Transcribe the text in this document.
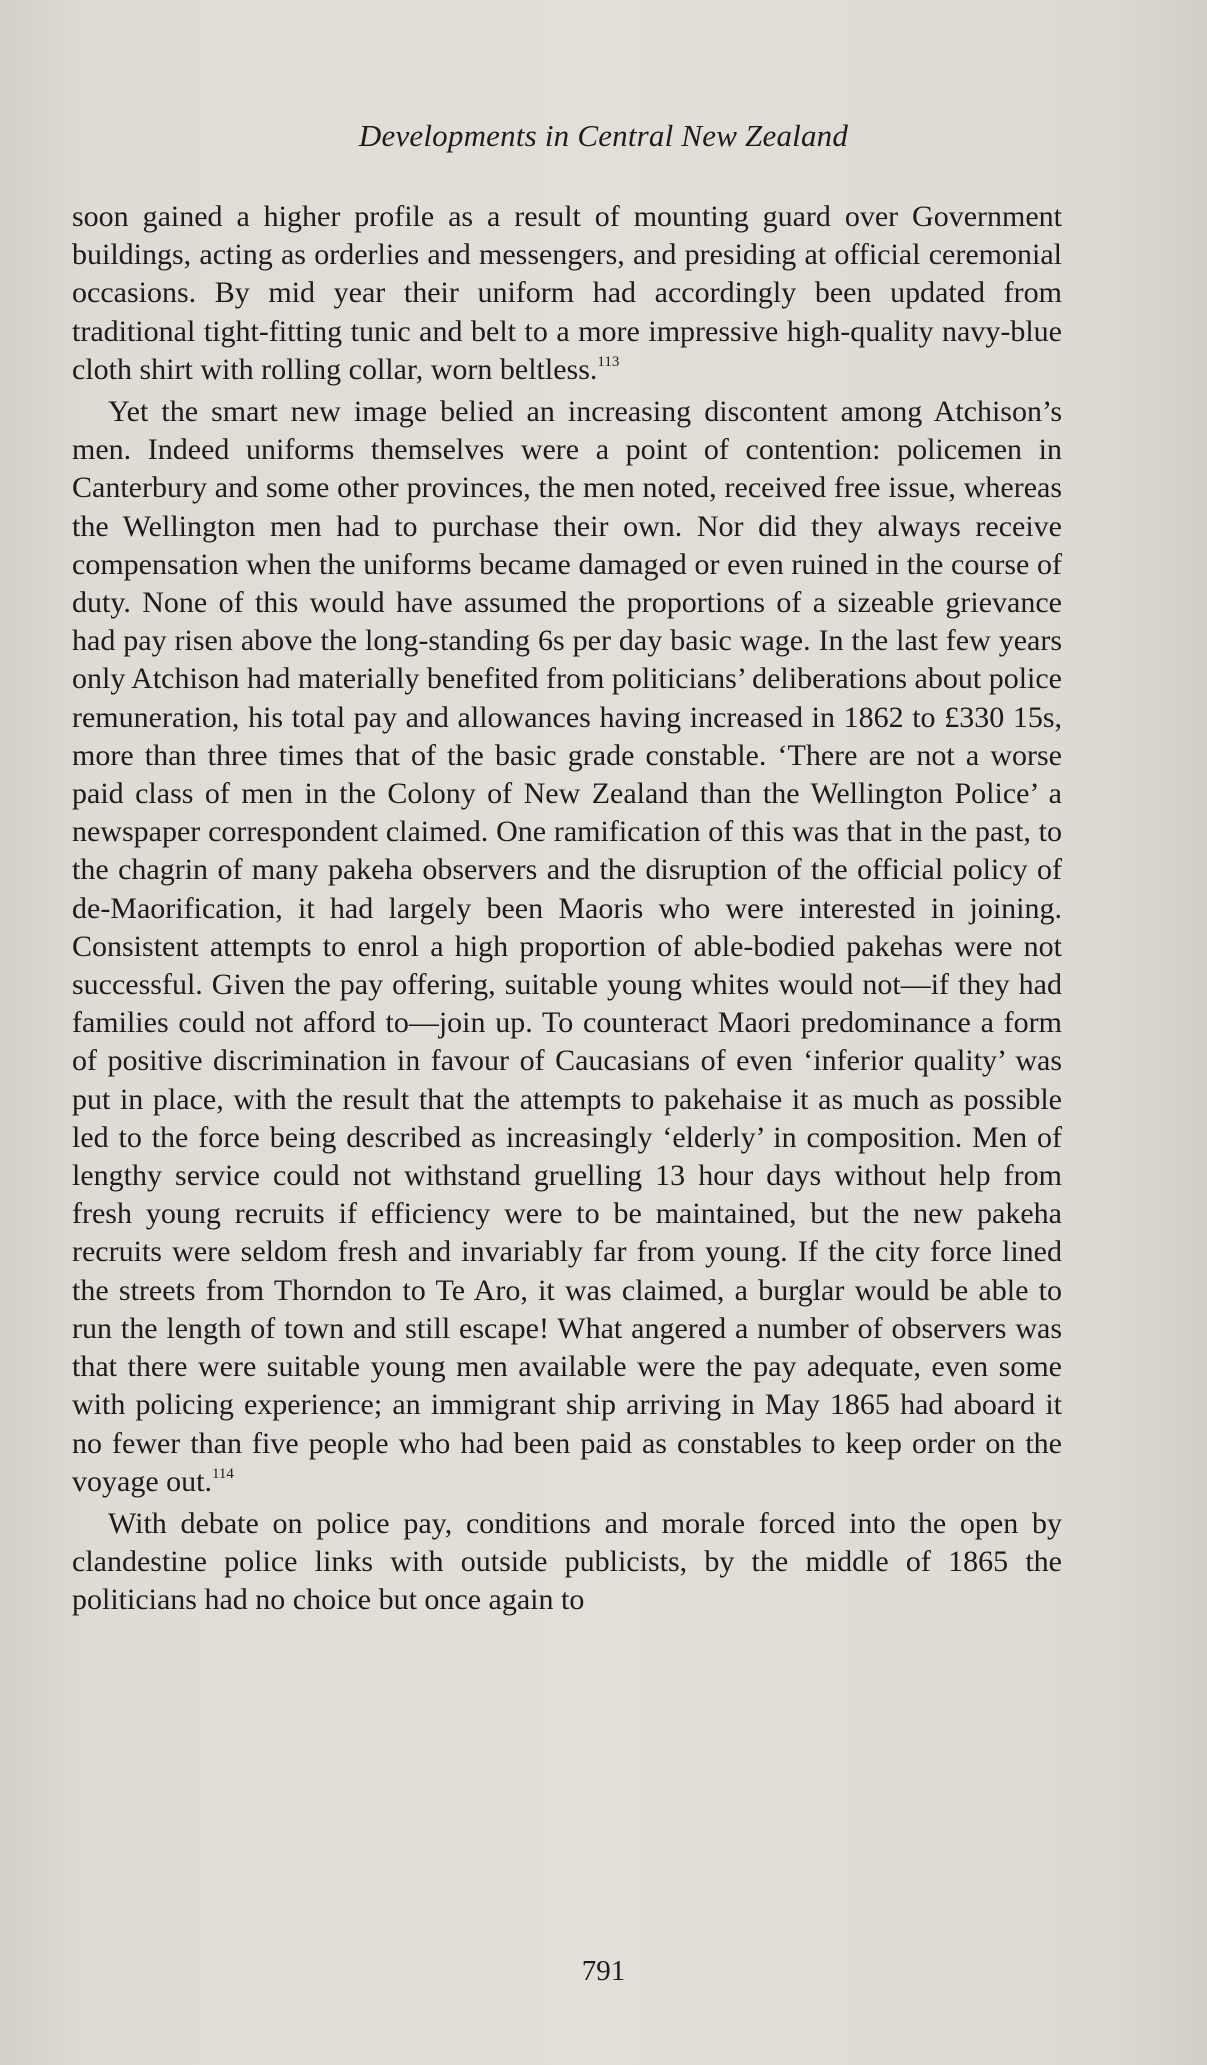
Developments in Central New Zealand

soon gained a higher profile as a result of mounting guard over Government buildings, acting as orderlies and messengers, and presiding at official ceremonial occasions. By mid year their uniform had accordingly been updated from traditional tight-fitting tunic and belt to a more impressive high-quality navy-blue cloth shirt with rolling collar, worn beltless.$^{113}$

Yet the smart new image belied an increasing discontent among Atchison’s men. Indeed uniforms themselves were a point of contention: policemen in Canterbury and some other provinces, the men noted, received free issue, whereas the Wellington men had to purchase their own. Nor did they always receive compensation when the uniforms became damaged or even ruined in the course of duty. None of this would have assumed the proportions of a sizeable grievance had pay risen above the long-standing 6s per day basic wage. In the last few years only Atchison had materially benefited from politicians’ deliberations about police remuneration, his total pay and allowances having increased in 1862 to £330 15s, more than three times that of the basic grade constable. ‘There are not a worse paid class of men in the Colony of New Zealand than the Wellington Police’ a newspaper correspondent claimed. One ramification of this was that in the past, to the chagrin of many pakeha observers and the disruption of the official policy of de-Maorification, it had largely been Maoris who were interested in joining. Consistent attempts to enrol a high proportion of able-bodied pakehas were not successful. Given the pay offering, suitable young whites would not—if they had families could not afford to—join up. To counteract Maori predominance a form of positive discrimination in favour of Caucasians of even ‘inferior quality’ was put in place, with the result that the attempts to pakehaise it as much as possible led to the force being described as increasingly ‘elderly’ in composition. Men of lengthy service could not withstand gruelling 13 hour days without help from fresh young recruits if efficiency were to be maintained, but the new pakeha recruits were seldom fresh and invariably far from young. If the city force lined the streets from Thorndon to Te Aro, it was claimed, a burglar would be able to run the length of town and still escape! What angered a number of observers was that there were suitable young men available were the pay adequate, even some with policing experience; an immigrant ship arriving in May 1865 had aboard it no fewer than five people who had been paid as constables to keep order on the voyage out.$^{114}$

With debate on police pay, conditions and morale forced into the open by clandestine police links with outside publicists, by the middle of 1865 the politicians had no choice but once again to

791
